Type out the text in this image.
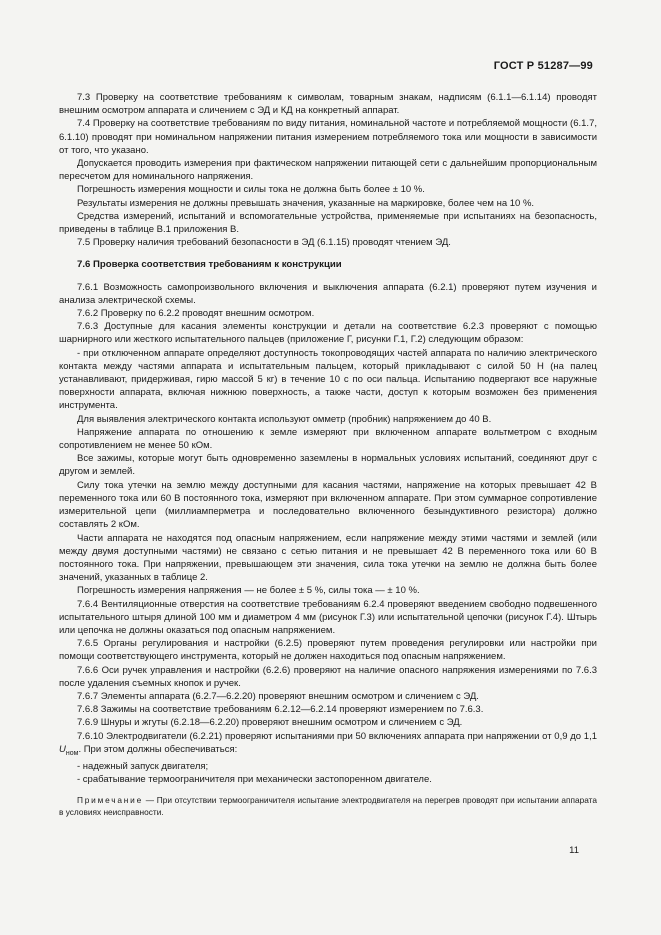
ГОСТ Р 51287—99

7.3 Проверку на соответствие требованиям к символам, товарным знакам, надписям (6.1.1—6.1.14) проводят внешним осмотром аппарата и сличением с ЭД и КД на конкретный аппарат.

7.4 Проверку на соответствие требованиям по виду питания, номинальной частоте и потребляемой мощности (6.1.7, 6.1.10) проводят при номинальном напряжении питания измерением потребляемого тока или мощности в зависимости от того, что указано.

Допускается проводить измерения при фактическом напряжении питающей сети с дальнейшим пропорциональным пересчетом для номинального напряжения.

Погрешность измерения мощности и силы тока не должна быть более ± 10 %.

Результаты измерения не должны превышать значения, указанные на маркировке, более чем на 10 %.

Средства измерений, испытаний и вспомогательные устройства, применяемые при испытаниях на безопасность, приведены в таблице В.1 приложения В.

7.5 Проверку наличия требований безопасности в ЭД (6.1.15) проводят чтением ЭД.

7.6 Проверка соответствия требованиям к конструкции

7.6.1 Возможность самопроизвольного включения и выключения аппарата (6.2.1) проверяют путем изучения и анализа электрической схемы.

7.6.2 Проверку по 6.2.2 проводят внешним осмотром.

7.6.3 Доступные для касания элементы конструкции и детали на соответствие 6.2.3 проверяют с помощью шарнирного или жесткого испытательного пальцев (приложение Г, рисунки Г.1, Г.2) следующим образом:

- при отключенном аппарате определяют доступность токопроводящих частей аппарата по наличию электрического контакта между частями аппарата и испытательным пальцем, который прикладывают с силой 50 Н (на палец устанавливают, придерживая, гирю массой 5 кг) в течение 10 с по оси пальца. Испытанию подвергают все наружные поверхности аппарата, включая нижнюю поверхность, а также части, доступ к которым возможен без применения инструмента.

Для выявления электрического контакта используют омметр (пробник) напряжением до 40 В.

Напряжение аппарата по отношению к земле измеряют при включенном аппарате вольтметром с входным сопротивлением не менее 50 кОм.

Все зажимы, которые могут быть одновременно заземлены в нормальных условиях испытаний, соединяют друг с другом и землей.

Силу тока утечки на землю между доступными для касания частями, напряжение на которых превышает 42 В переменного тока или 60 В постоянного тока, измеряют при включенном аппарате. При этом суммарное сопротивление измерительной цепи (миллиамперметра и последовательно включенного безындуктивного резистора) должно составлять 2 кОм.

Части аппарата не находятся под опасным напряжением, если напряжение между этими частями и землей (или между двумя доступными частями) не связано с сетью питания и не превышает 42 В переменного тока или 60 В постоянного тока. При напряжении, превышающем эти значения, сила тока утечки на землю не должна быть более значений, указанных в таблице 2.

Погрешность измерения напряжения — не более ± 5 %, силы тока — ± 10 %.

7.6.4 Вентиляционные отверстия на соответствие требованиям 6.2.4 проверяют введением свободно подвешенного испытательного штыря длиной 100 мм и диаметром 4 мм (рисунок Г.3) или испытательной цепочки (рисунок Г.4). Штырь или цепочка не должны оказаться под опасным напряжением.

7.6.5 Органы регулирования и настройки (6.2.5) проверяют путем проведения регулировки или настройки при помощи соответствующего инструмента, который не должен находиться под опасным напряжением.

7.6.6 Оси ручек управления и настройки (6.2.6) проверяют на наличие опасного напряжения измерениями по 7.6.3 после удаления съемных кнопок и ручек.

7.6.7 Элементы аппарата (6.2.7—6.2.20) проверяют внешним осмотром и сличением с ЭД.

7.6.8 Зажимы на соответствие требованиям 6.2.12—6.2.14 проверяют измерением по 7.6.3.

7.6.9 Шнуры и жгуты (6.2.18—6.2.20) проверяют внешним осмотром и сличением с ЭД.

7.6.10 Электродвигатели (6.2.21) проверяют испытаниями при 50 включениях аппарата при напряжении от 0,9 до 1,1 $U_{ном}$. При этом должны обеспечиваться:

- надежный запуск двигателя;

- срабатывание термоограничителя при механически застопоренном двигателе.

Примечание — При отсутствии термоограничителя испытание электродвигателя на перегрев проводят при испытании аппарата в условиях неисправности.

11
